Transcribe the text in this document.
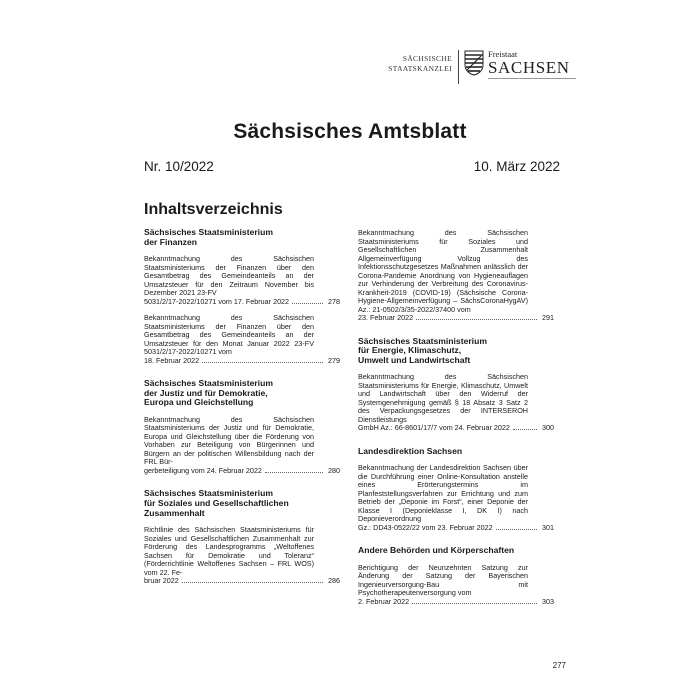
SÄCHSISCHE
STAATSKANZLEI
Freistaat
SACHSEN
Sächsisches Amtsblatt
Nr. 10/2022	10. März 2022
Inhaltsverzeichnis
Sächsisches Staatsministerium
der Finanzen
Bekanntmachung des Sächsischen Staatsministeriums der Finanzen über den Gesamtbetrag des Gemeindeanteils an der Umsatzsteuer für den Zeitraum November bis Dezember 2021 23-FV
5031/2/17-2022/10271 vom 17. Februar 2022	278
Bekanntmachung des Sächsischen Staatsministeriums der Finanzen über den Gesamtbetrag des Gemeindeanteils an der Umsatzsteuer für den Monat Januar 2022 23-FV 5031/2/17-2022/10271 vom
18. Februar 2022	279
Sächsisches Staatsministerium
der Justiz und für Demokratie,
Europa und Gleichstellung
Bekanntmachung des Sächsischen Staatsministeriums der Justiz und für Demokratie, Europa und Gleichstellung über die Förderung von Vorhaben zur Beteiligung von Bürgerinnen und Bürgern an der politischen Willensbildung nach der FRL Bür-
gerbeteiligung vom 24. Februar 2022	280
Sächsisches Staatsministerium
für Soziales und Gesellschaftlichen
Zusammenhalt
Richtlinie des Sächsischen Staatsministeriums für Soziales und Gesellschaftlichen Zusammenhalt zur Förderung des Landesprogramms „Weltoffenes Sachsen für Demokratie und Toleranz“ (Förderrichtlinie Weltoffenes Sachsen – FRL WOS) vom 22. Fe-
bruar 2022	286
Bekanntmachung des Sächsischen Staatsministeriums für Soziales und Gesellschaftlichen Zusammenhalt Allgemeinverfügung Vollzug des Infektionsschutzgesetzes Maßnahmen anlässlich der Corona-Pandemie Anordnung von Hygieneauflagen zur Verhinderung der Verbreitung des Coronavirus-Krankheit-2019 (COVID-19) (Sächsische Corona-Hygiene-Allgemeinverfügung – SächsCoronaHygAV) Az.: 21-0502/3/35-2022/37400 vom
23. Februar 2022	291
Sächsisches Staatsministerium
für Energie, Klimaschutz,
Umwelt und Landwirtschaft
Bekanntmachung des Sächsischen Staatsministeriums für Energie, Klimaschutz, Umwelt und Landwirtschaft über den Widerruf der Systemgenehmigung gemäß § 18 Absatz 3 Satz 2 des Verpackungsgesetzes der INTERSEROH Dienstleistungs
GmbH Az.: 66-8601/17/7 vom 24. Februar 2022	300
Landesdirektion Sachsen
Bekanntmachung der Landesdirektion Sachsen über die Durchführung einer Online-Konsultation anstelle eines Erörterungstermins im Planfeststellungsverfahren zur Errichtung und zum Betrieb der „Deponie im Forst“, einer Deponie der Klasse I (Deponieklasse I, DK I) nach Deponieverordnung
Gz.: DD43-0522/22 vom 23. Februar 2022	301
Andere Behörden und Körperschaften
Berichtigung der Neunzehnten Satzung zur Änderung der Satzung der Bayerischen Ingenieurversorgung-Bau mit Psychotherapeutenversorgung vom
2. Februar 2022	303
277
